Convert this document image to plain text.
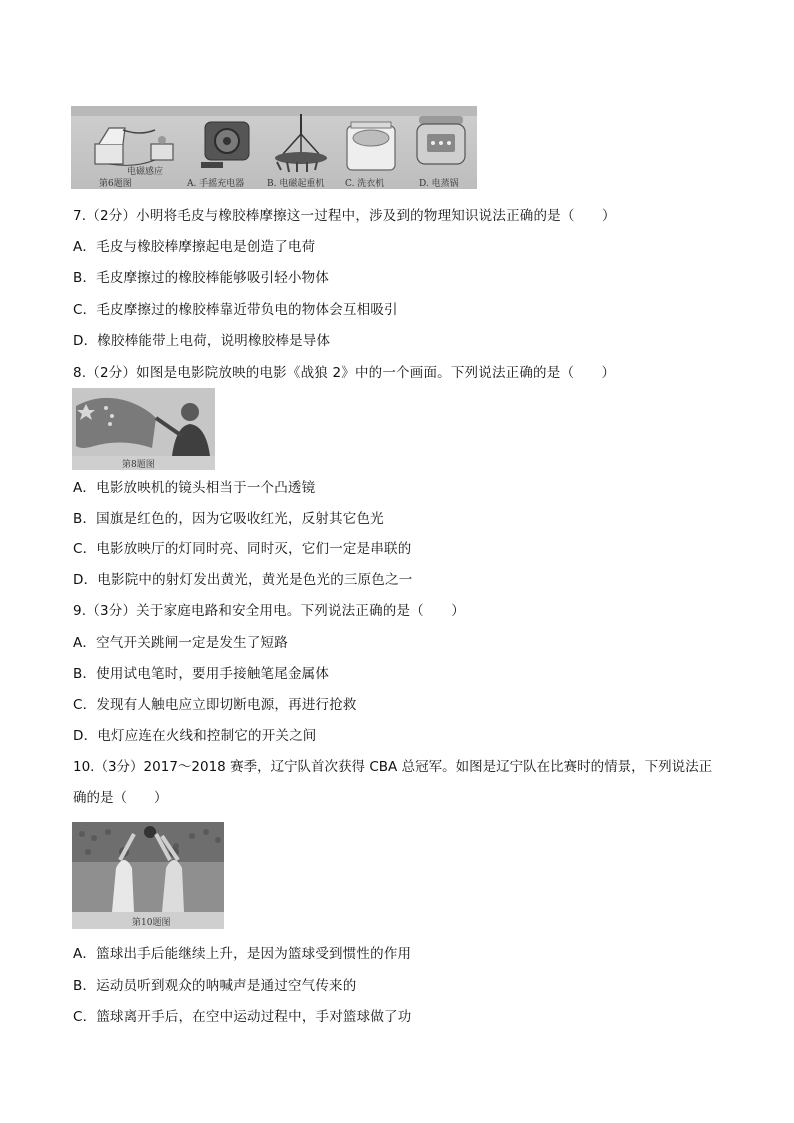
电磁感应
第6题图	A. 手摇充电器	B. 电磁起重机 C. 洗衣机	D. 电蒸锅
7.（2分）小明将毛皮与橡胶棒摩擦这一过程中，涉及到的物理知识说法正确的是（　　）
A．毛皮与橡胶棒摩擦起电是创造了电荷
B．毛皮摩擦过的橡胶棒能够吸引轻小物体
C．毛皮摩擦过的橡胶棒靠近带负电的物体会互相吸引
D．橡胶棒能带上电荷，说明橡胶棒是导体
8.（2分）如图是电影院放映的电影《战狼 2》中的一个画面。下列说法正确的是（　　）
第8题图
A．电影放映机的镜头相当于一个凸透镜
B．国旗是红色的，因为它吸收红光，反射其它色光
C．电影放映厅的灯同时亮、同时灭，它们一定是串联的
D．电影院中的射灯发出黄光，黄光是色光的三原色之一
9.（3分）关于家庭电路和安全用电。下列说法正确的是（　　）
A．空气开关跳闸一定是发生了短路
B．使用试电笔时，要用手接触笔尾金属体
C．发现有人触电应立即切断电源，再进行抢救
D．电灯应连在火线和控制它的开关之间
10.（3分）2017～2018 赛季，辽宁队首次获得 CBA 总冠军。如图是辽宁队在比赛时的情景，下列说法正确的是（　　）
第10题图
A．篮球出手后能继续上升，是因为篮球受到惯性的作用
B．运动员听到观众的呐喊声是通过空气传来的
C．篮球离开手后，在空中运动过程中，手对篮球做了功
